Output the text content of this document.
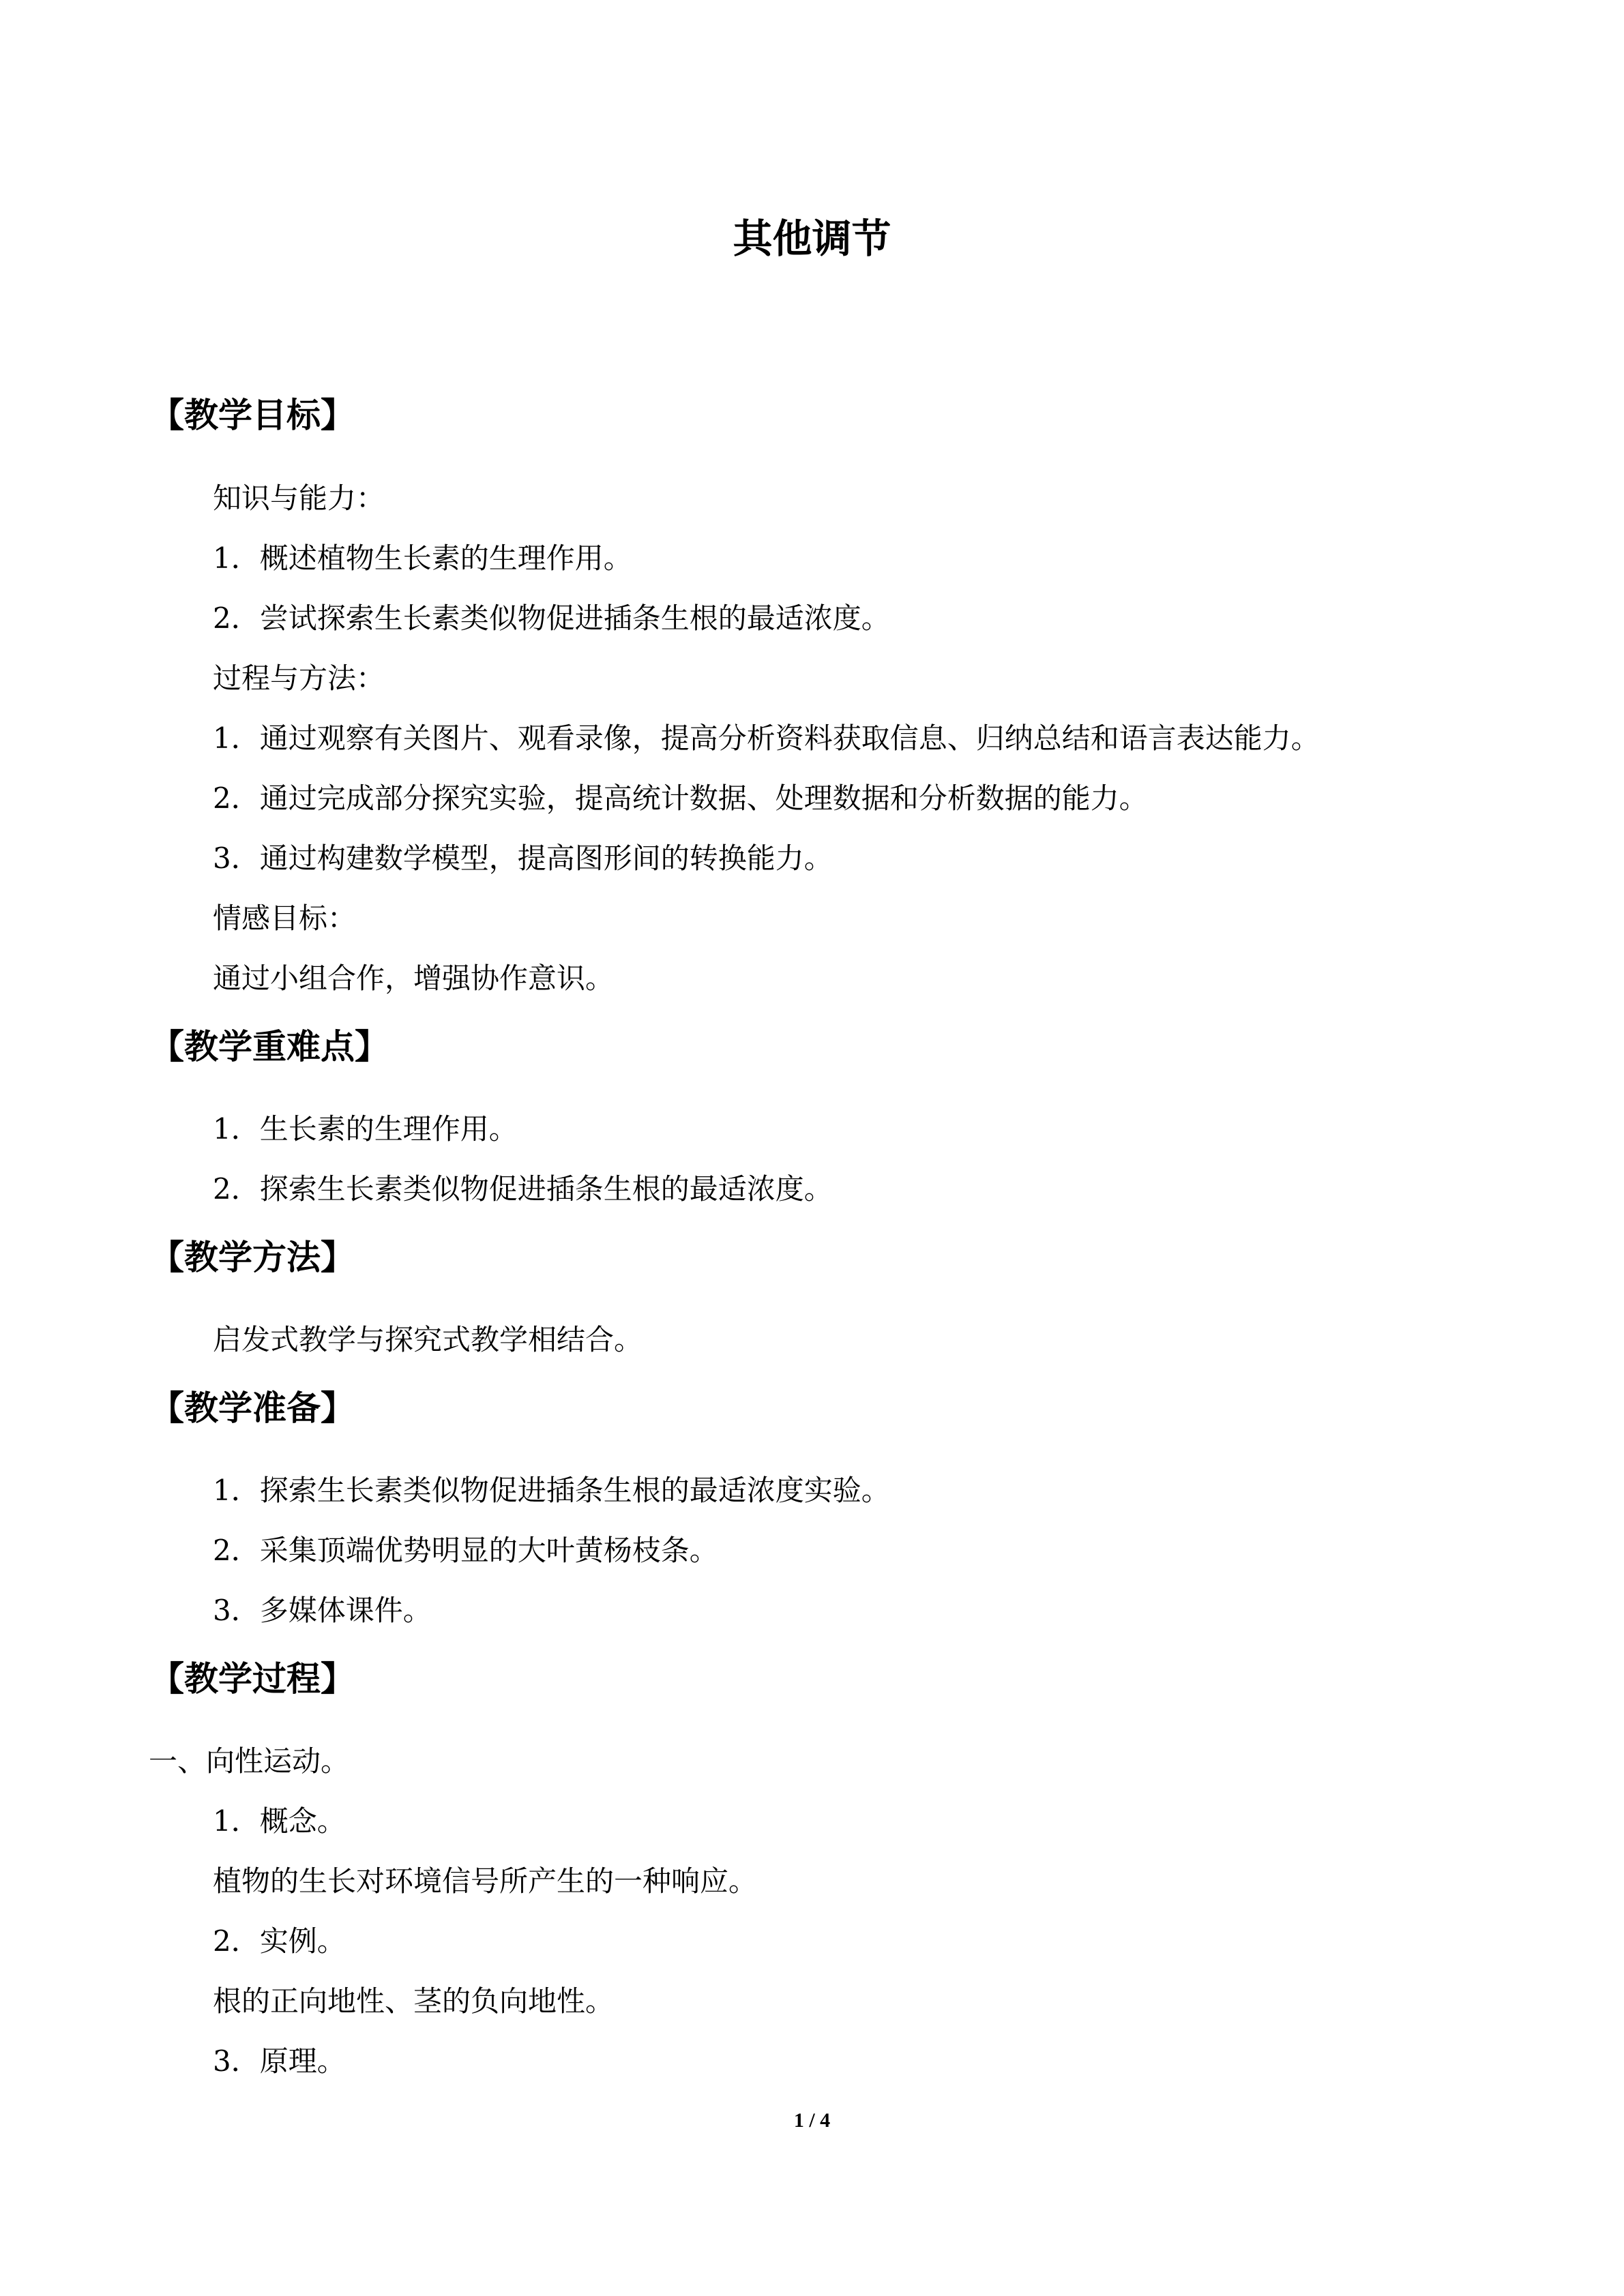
其他调节
【教学目标】
知识与能力：
1．概述植物生长素的生理作用。
2．尝试探索生长素类似物促进插条生根的最适浓度。
过程与方法：
1．通过观察有关图片、观看录像，提高分析资料获取信息、归纳总结和语言表达能力。
2．通过完成部分探究实验，提高统计数据、处理数据和分析数据的能力。
3．通过构建数学模型，提高图形间的转换能力。
情感目标：
通过小组合作，增强协作意识。
【教学重难点】
1．生长素的生理作用。
2．探索生长素类似物促进插条生根的最适浓度。
【教学方法】
启发式教学与探究式教学相结合。
【教学准备】
1．探索生长素类似物促进插条生根的最适浓度实验。
2．采集顶端优势明显的大叶黄杨枝条。
3．多媒体课件。
【教学过程】
一、向性运动。
1．概念。
植物的生长对环境信号所产生的一种响应。
2．实例。
根的正向地性、茎的负向地性。
3．原理。
1 / 4
